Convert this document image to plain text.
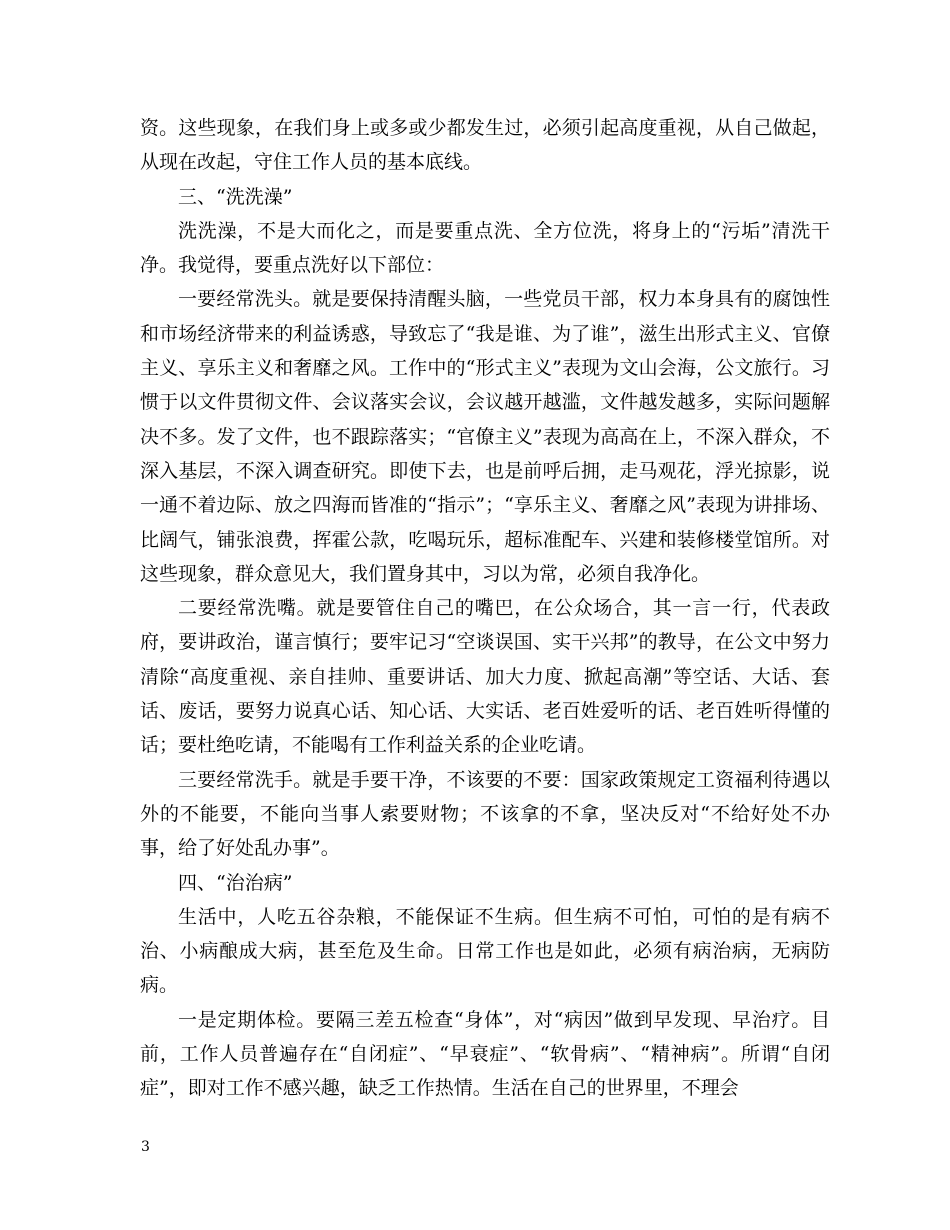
资。这些现象，在我们身上或多或少都发生过，必须引起高度重视，从自己做起，从现在改起，守住工作人员的基本底线。

三、“洗洗澡”

洗洗澡，不是大而化之，而是要重点洗、全方位洗，将身上的“污垢”清洗干净。我觉得，要重点洗好以下部位：

一要经常洗头。就是要保持清醒头脑，一些党员干部，权力本身具有的腐蚀性和市场经济带来的利益诱惑，导致忘了“我是谁、为了谁”，滋生出形式主义、官僚主义、享乐主义和奢靡之风。工作中的“形式主义”表现为文山会海，公文旅行。习惯于以文件贯彻文件、会议落实会议，会议越开越滥，文件越发越多，实际问题解决不多。发了文件，也不跟踪落实；“官僚主义”表现为高高在上，不深入群众，不深入基层，不深入调查研究。即使下去，也是前呼后拥，走马观花，浮光掠影，说一通不着边际、放之四海而皆准的“指示”；“享乐主义、奢靡之风”表现为讲排场、比阔气，铺张浪费，挥霍公款，吃喝玩乐，超标准配车、兴建和装修楼堂馆所。对这些现象，群众意见大，我们置身其中，习以为常，必须自我净化。

二要经常洗嘴。就是要管住自己的嘴巴，在公众场合，其一言一行，代表政府，要讲政治，谨言慎行；要牢记习“空谈误国、实干兴邦”的教导，在公文中努力清除“高度重视、亲自挂帅、重要讲话、加大力度、掀起高潮”等空话、大话、套话、废话，要努力说真心话、知心话、大实话、老百姓爱听的话、老百姓听得懂的话；要杜绝吃请，不能喝有工作利益关系的企业吃请。

三要经常洗手。就是手要干净，不该要的不要：国家政策规定工资福利待遇以外的不能要，不能向当事人索要财物；不该拿的不拿，坚决反对“不给好处不办事，给了好处乱办事”。

四、“治治病”

生活中，人吃五谷杂粮，不能保证不生病。但生病不可怕，可怕的是有病不治、小病酿成大病，甚至危及生命。日常工作也是如此，必须有病治病，无病防病。

一是定期体检。要隔三差五检查“身体”，对“病因”做到早发现、早治疗。目前，工作人员普遍存在“自闭症”、“早衰症”、“软骨病”、“精神病”。所谓“自闭症”，即对工作不感兴趣，缺乏工作热情。生活在自己的世界里，不理会

3
